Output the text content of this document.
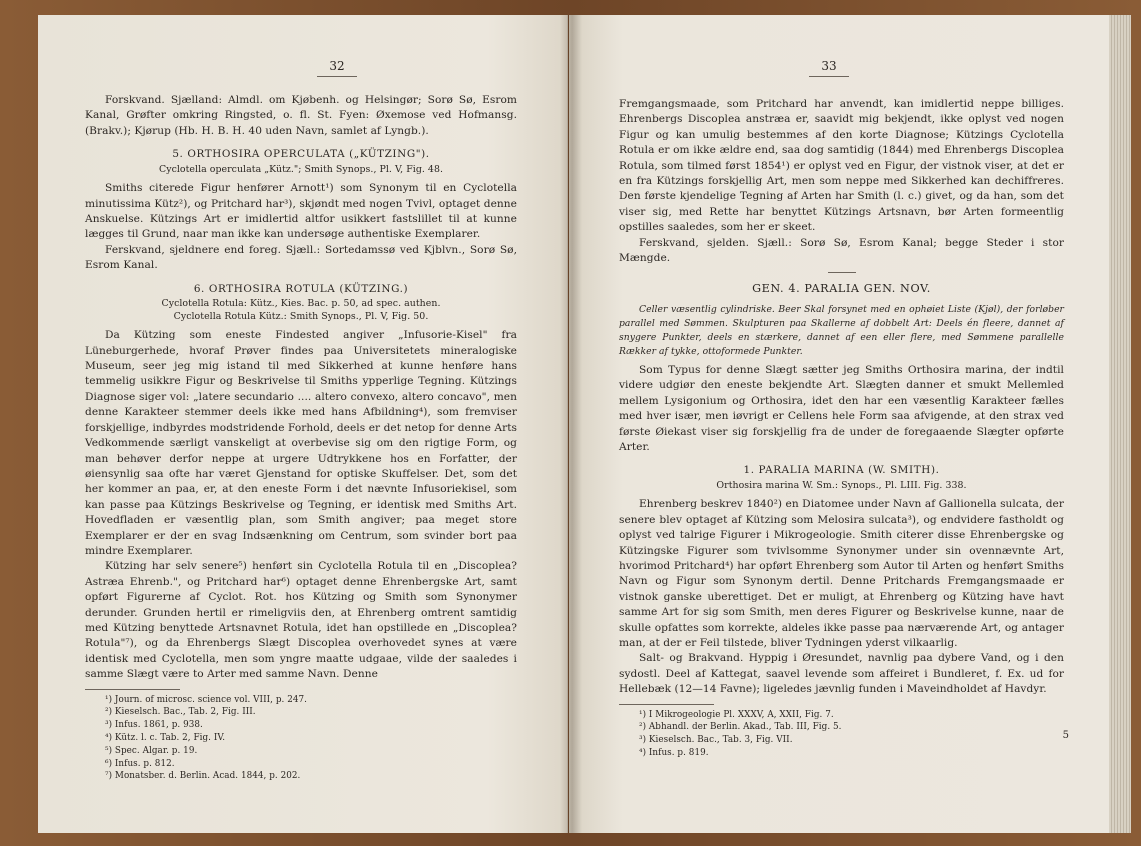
32

Forskvand. Sjælland: Almdl. om Kjøbenh. og Helsingør; Sorø Sø, Esrom Kanal, Grøfter omkring Ringsted, o. fl. St. Fyen: Øxemose ved Hofmansg. (Brakv.); Kjørup (Hb. H. B. H. 40 uden Navn, samlet af Lyngb.).

5. ORTHOSIRA OPERCULATA („KÜTZING").
Cyclotella operculata „Kütz."; Smith Synops., Pl. V, Fig. 48.

Smiths citerede Figur henfører Arnott¹) som Synonym til en Cyclotella minutissima Kütz²), og Pritchard har³), skjøndt med nogen Tvivl, optaget denne Anskuelse. Kützings Art er imidlertid altfor usikkert fastslillet til at kunne lægges til Grund, naar man ikke kan undersøge authentiske Exemplarer.

Ferskvand, sjeldnere end foreg. Sjæll.: Sortedamssø ved Kjblvn., Sorø Sø, Esrom Kanal.

6. ORTHOSIRA ROTULA (KÜTZING.)
Cyclotella Rotula: Kütz., Kies. Bac. p. 50, ad spec. authen.
Cyclotella Rotula Kütz.: Smith Synops., Pl. V, Fig. 50.

Da Kützing som eneste Findested angiver „Infusorie-Kisel" fra Lüneburgerhede, hvoraf Prøver findes paa Universitetets mineralogiske Museum, seer jeg mig istand til med Sikkerhed at kunne henføre hans temmelig usikkre Figur og Beskrivelse til Smiths ypperlige Tegning. Kützings Diagnose siger vol: „latere secundario .... altero convexo, altero concavo", men denne Karakteer stemmer deels ikke med hans Afbildning⁴), som fremviser forskjellige, indbyrdes modstridende Forhold, deels er det netop for denne Arts Vedkommende særligt vanskeligt at overbevise sig om den rigtige Form, og man behøver derfor neppe at urgere Udtrykkene hos en Forfatter, der øiensynlig saa ofte har været Gjenstand for optiske Skuffelser. Det, som det her kommer an paa, er, at den eneste Form i det nævnte Infusoriekisel, som kan passe paa Kützings Beskrivelse og Tegning, er identisk med Smiths Art. Hovedfladen er væsentlig plan, som Smith angiver; paa meget store Exemplarer er der en svag Indsænkning om Centrum, som svinder bort paa mindre Exemplarer.

Kützing har selv senere⁵) henført sin Cyclotella Rotula til en „Discoplea? Astræa Ehrenb.", og Pritchard har⁶) optaget denne Ehrenbergske Art, samt opført Figurerne af Cyclot. Rot. hos Kützing og Smith som Synonymer derunder. Grunden hertil er rimeligviis den, at Ehrenberg omtrent samtidig med Kützing benyttede Artsnavnet Rotula, idet han opstillede en „Discoplea? Rotula"⁷), og da Ehrenbergs Slægt Discoplea overhovedet synes at være identisk med Cyclotella, men som yngre maatte udgaae, vilde der saaledes i samme Slægt være to Arter med samme Navn. Denne

¹) Journ. of microsc. science vol. VIII, p. 247.
²) Kieselsch. Bac., Tab. 2, Fig. III.
³) Infus. 1861, p. 938.
⁴) Kütz. l. c. Tab. 2, Fig. IV.
⁵) Spec. Algar. p. 19.
⁶) Infus. p. 812.
⁷) Monatsber. d. Berlin. Acad. 1844, p. 202.
33

Fremgangsmaade, som Pritchard har anvendt, kan imidlertid neppe billiges. Ehrenbergs Discoplea anstræa er, saavidt mig bekjendt, ikke oplyst ved nogen Figur og kan umulig bestemmes af den korte Diagnose; Kützings Cyclotella Rotula er om ikke ældre end, saa dog samtidig (1844) med Ehrenbergs Discoplea Rotula, som tilmed først 1854¹) er oplyst ved en Figur, der vistnok viser, at det er en fra Kützings forskjellig Art, men som neppe med Sikkerhed kan dechiffreres. Den første kjendelige Tegning af Arten har Smith (l. c.) givet, og da han, som det viser sig, med Rette har benyttet Kützings Artsnavn, bør Arten formeentlig opstilles saaledes, som her er skeet.

Ferskvand, sjelden. Sjæll.: Sorø Sø, Esrom Kanal; begge Steder i stor Mængde.

GEN. 4. PARALIA GEN. NOV.
Celler væsentlig cylindriske. Beer Skal forsynet med en ophøiet Liste (Kjøl), der forløber parallel med Sømmen. Skulpturen paa Skallerne af dobbelt Art: Deels én fleere, dannet af snygere Punkter, deels en stærkere, dannet af een eller flere, med Sømmene parallelle Rækker af tykke, ottoformede Punkter.

Som Typus for denne Slægt sætter jeg Smiths Orthosira marina, der indtil videre udgiør den eneste bekjendte Art. Slægten danner et smukt Mellemled mellem Lysigonium og Orthosira, idet den har een væsentlig Karakteer fælles med hver især, men iøvrigt er Cellens hele Form saa afvigende, at den strax ved første Øiekast viser sig forskjellig fra de under de foregaaende Slægter opførte Arter.

1. PARALIA MARINA (W. SMITH).
Orthosira marina W. Sm.: Synops., Pl. LIII. Fig. 338.

Ehrenberg beskrev 1840²) en Diatomee under Navn af Gallionella sulcata, der senere blev optaget af Kützing som Melosira sulcata³), og endvidere fastholdt og oplyst ved talrige Figurer i Mikrogeologie. Smith citerer disse Ehrenbergske og Kützingske Figurer som tvivlsomme Synonymer under sin ovennævnte Art, hvorimod Pritchard⁴) har opført Ehrenberg som Autor til Arten og henført Smiths Navn og Figur som Synonym dertil. Denne Pritchards Fremgangsmaade er vistnok ganske uberettiget. Det er muligt, at Ehrenberg og Kützing have havt samme Art for sig som Smith, men deres Figurer og Beskrivelse kunne, naar de skulle opfattes som korrekte, aldeles ikke passe paa nærværende Art, og antager man, at der er Feil tilstede, bliver Tydningen yderst vilkaarlig.

Salt- og Brakvand. Hyppig i Øresundet, navnlig paa dybere Vand, og i den sydostl. Deel af Kattegat, saavel levende som affeiret i Bundleret, f. Ex. ud for Hellebæk (12—14 Favne); ligeledes jævnlig funden i Maveindholdet af Havdyr.

¹) I Mikrogeologie Pl. XXXV, A, XXII, Fig. 7.
²) Abhandl. der Berlin. Akad., Tab. III, Fig. 5.
³) Kieselsch. Bac., Tab. 3, Fig. VII.
⁴) Infus. p. 819.
5
